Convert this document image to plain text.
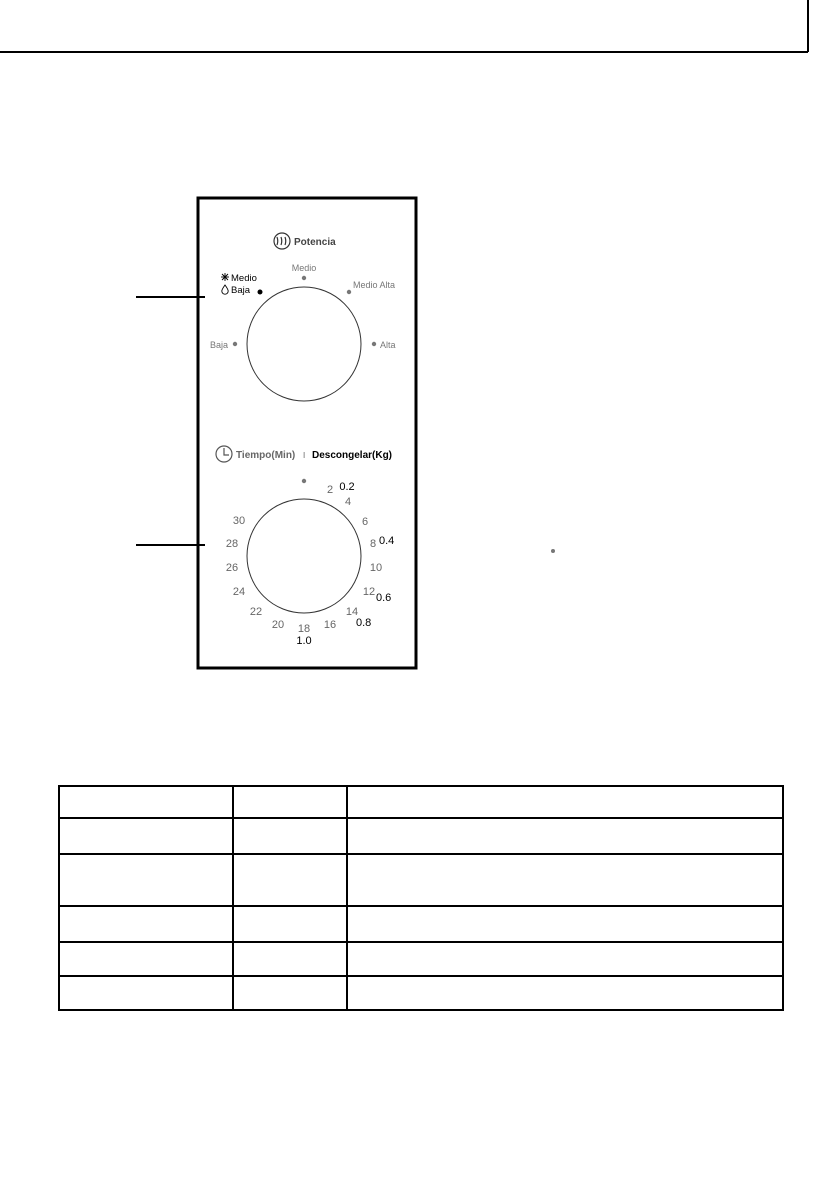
Potencia
Medio
Medio Alta
Alta
Baja
Medio
Baja
Tiempo(Min) I Descongelar(Kg)
2
4
6
8
10
12
14
16
18
20
22
24
26
28
30
0.2
0.4
0.6
0.8
1.0
